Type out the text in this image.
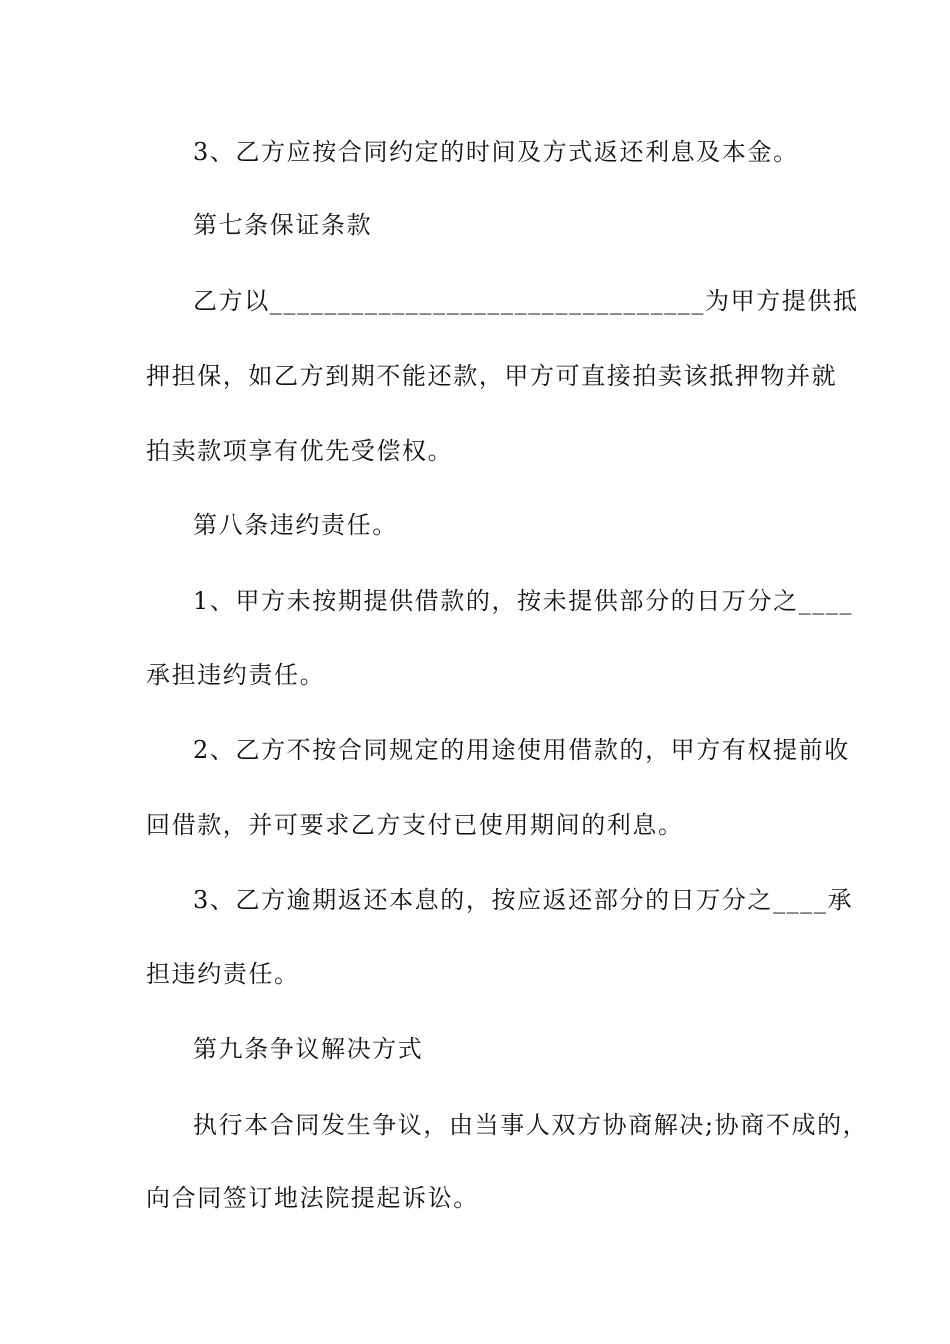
3、乙方应按合同约定的时间及方式返还利息及本金。
第七条保证条款
乙方以________________________________为甲方提供抵
押担保，如乙方到期不能还款，甲方可直接拍卖该抵押物并就
拍卖款项享有优先受偿权。
第八条违约责任。
1、甲方未按期提供借款的，按未提供部分的日万分之____
承担违约责任。
2、乙方不按合同规定的用途使用借款的，甲方有权提前收
回借款，并可要求乙方支付已使用期间的利息。
3、乙方逾期返还本息的，按应返还部分的日万分之____承
担违约责任。
第九条争议解决方式
执行本合同发生争议，由当事人双方协商解决;协商不成的，
向合同签订地法院提起诉讼。
